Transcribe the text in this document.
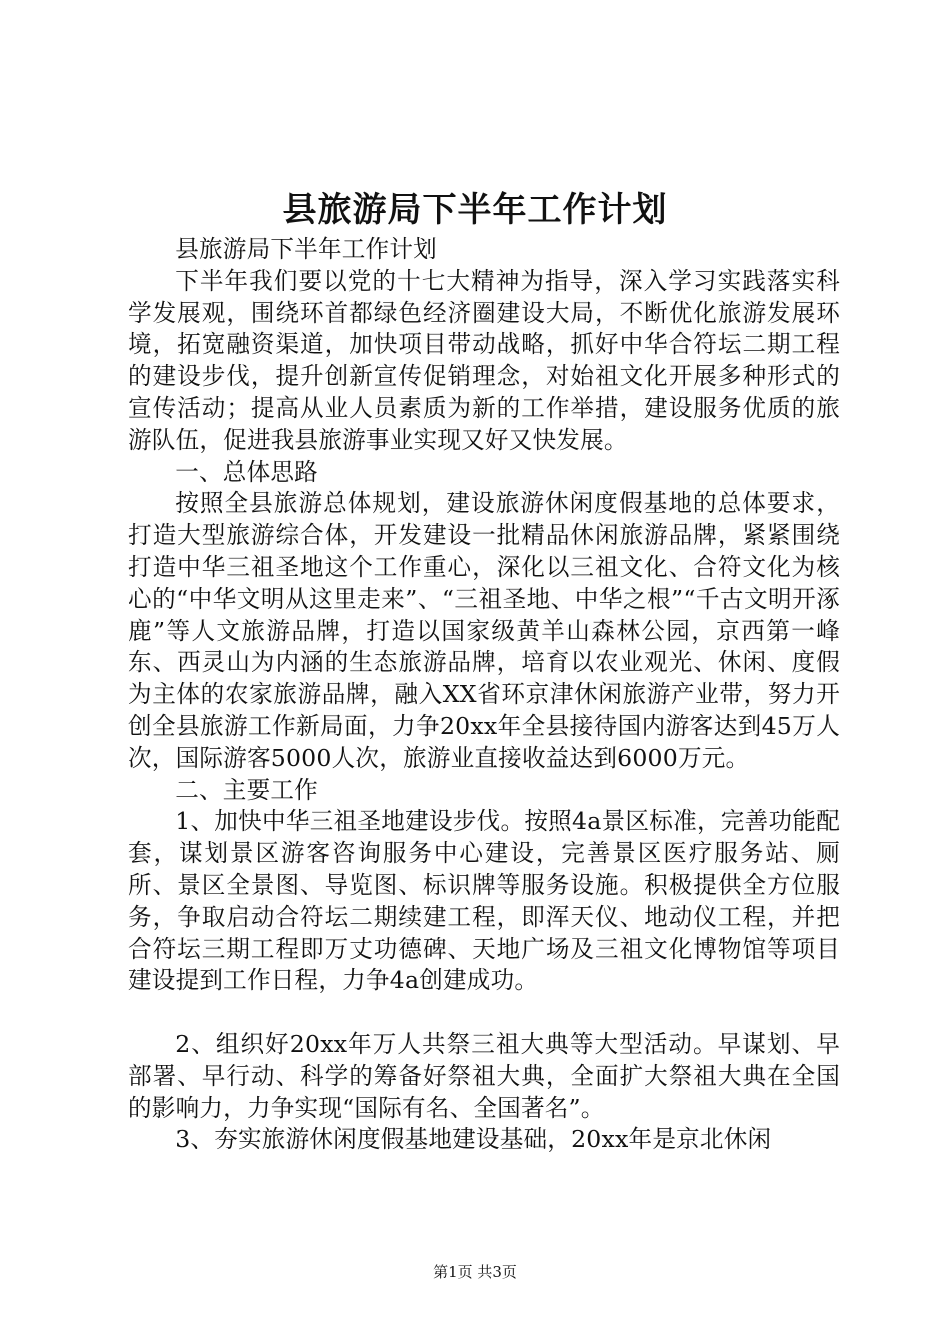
县旅游局下半年工作计划

县旅游局下半年工作计划

下半年我们要以党的十七大精神为指导，深入学习实践落实科学发展观，围绕环首都绿色经济圈建设大局，不断优化旅游发展环境，拓宽融资渠道，加快项目带动战略，抓好中华合符坛二期工程的建设步伐，提升创新宣传促销理念，对始祖文化开展多种形式的宣传活动；提高从业人员素质为新的工作举措，建设服务优质的旅游队伍，促进我县旅游事业实现又好又快发展。

一、总体思路

按照全县旅游总体规划，建设旅游休闲度假基地的总体要求，打造大型旅游综合体，开发建设一批精品休闲旅游品牌，紧紧围绕打造中华三祖圣地这个工作重心，深化以三祖文化、合符文化为核心的“中华文明从这里走来”、“三祖圣地、中华之根”“千古文明开涿鹿”等人文旅游品牌，打造以国家级黄羊山森林公园，京西第一峰东、西灵山为内涵的生态旅游品牌，培育以农业观光、休闲、度假为主体的农家旅游品牌，融入XX省环京津休闲旅游产业带，努力开创全县旅游工作新局面，力争20xx年全县接待国内游客达到45万人次，国际游客5000人次，旅游业直接收益达到6000万元。

二、主要工作

1、加快中华三祖圣地建设步伐。按照4a景区标准，完善功能配套，谋划景区游客咨询服务中心建设，完善景区医疗服务站、厕所、景区全景图、导览图、标识牌等服务设施。积极提供全方位服务，争取启动合符坛二期续建工程，即浑天仪、地动仪工程，并把合符坛三期工程即万丈功德碑、天地广场及三祖文化博物馆等项目建设提到工作日程，力争4a创建成功。

2、组织好20xx年万人共祭三祖大典等大型活动。早谋划、早部署、早行动、科学的筹备好祭祖大典，全面扩大祭祖大典在全国的影响力，力争实现“国际有名、全国著名”。

3、夯实旅游休闲度假基地建设基础，20xx年是京北休闲

第1页 共3页
